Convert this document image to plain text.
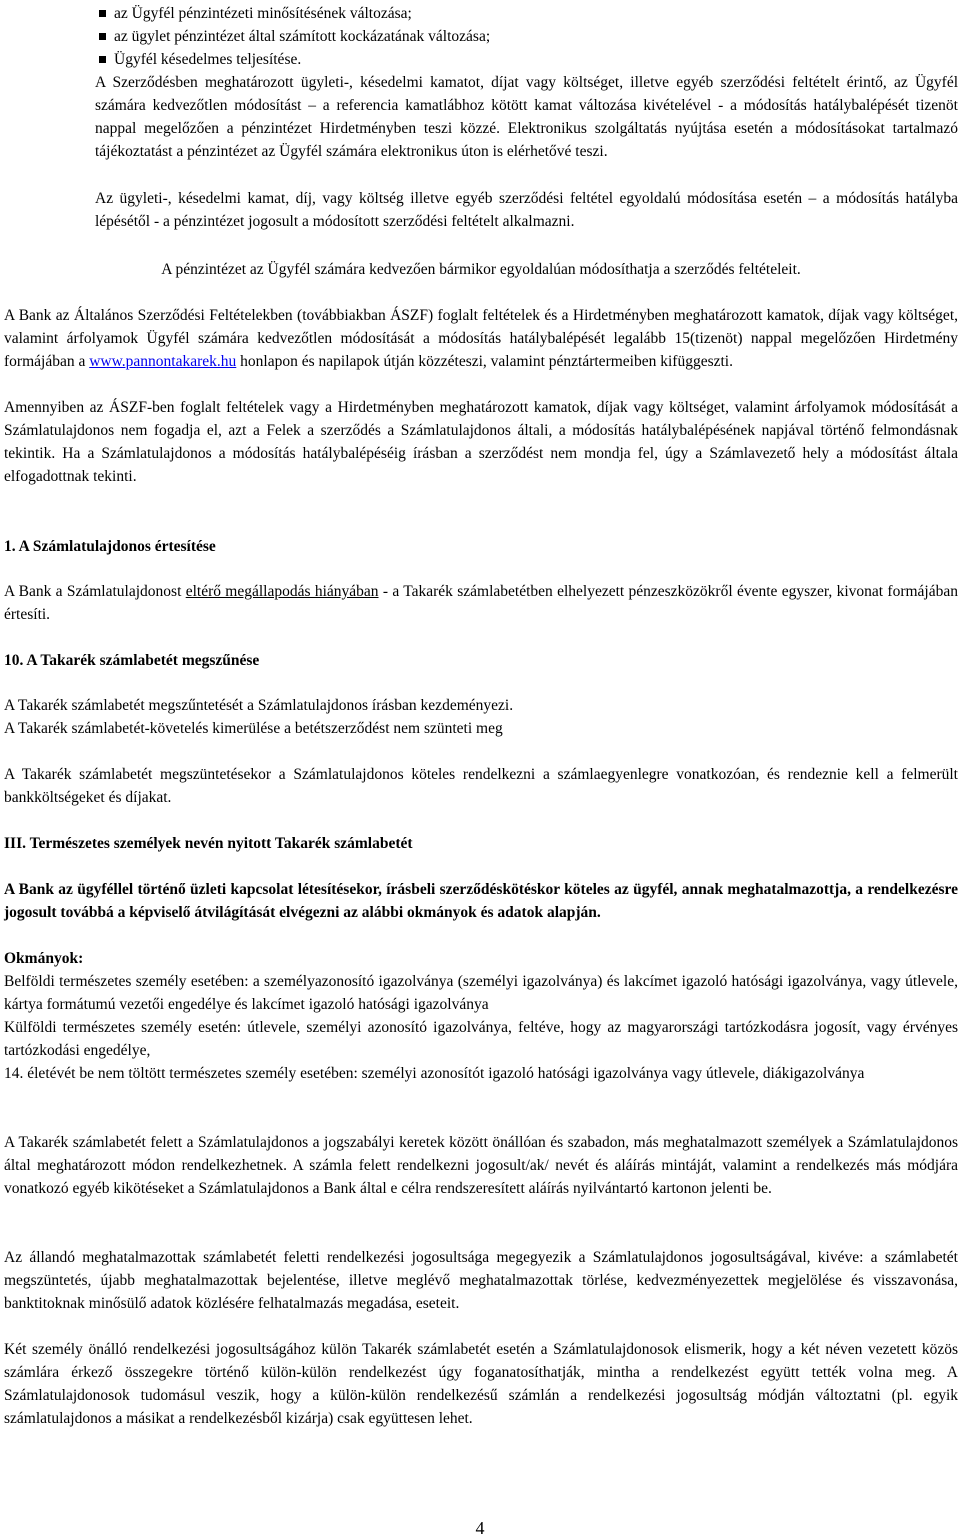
az Ügyfél pénzintézeti minősítésének változása;
az ügylet pénzintézet által számított kockázatának változása;
Ügyfél késedelmes teljesítése.

A Szerződésben meghatározott ügyleti-, késedelmi kamatot, díjat vagy költséget, illetve egyéb szerződési feltételt érintő, az Ügyfél számára kedvezőtlen módosítást – a referencia kamatlábhoz kötött kamat változása kivételével - a módosítás hatálybalépését tizenöt nappal megelőzően a pénzintézet Hirdetményben teszi közzé. Elektronikus szolgáltatás nyújtása esetén a módosításokat tartalmazó tájékoztatást a pénzintézet az Ügyfél számára elektronikus úton is elérhetővé teszi.

Az ügyleti-, késedelmi kamat, díj, vagy költség illetve egyéb szerződési feltétel egyoldalú módosítása esetén – a módosítás hatályba lépésétől - a pénzintézet jogosult a módosított szerződési feltételt alkalmazni.

A pénzintézet az Ügyfél számára kedvezően bármikor egyoldalúan módosíthatja a szerződés feltételeit.

A Bank az Általános Szerződési Feltételekben (továbbiakban ÁSZF) foglalt feltételek és a Hirdetményben meghatározott kamatok, díjak vagy költséget, valamint árfolyamok Ügyfél számára kedvezőtlen módosítását a módosítás hatálybalépését legalább 15(tizenöt) nappal megelőzően Hirdetmény formájában a www.pannontakarek.hu honlapon és napilapok útján közzéteszi, valamint pénztártermeiben kifüggeszti.

Amennyiben az ÁSZF-ben foglalt feltételek vagy a Hirdetményben meghatározott kamatok, díjak vagy költséget, valamint árfolyamok módosítását a Számlatulajdonos nem fogadja el, azt a Felek a szerződés a Számlatulajdonos általi, a módosítás hatálybalépésének napjával történő felmondásnak tekintik. Ha a Számlatulajdonos a módosítás hatálybalépéséig írásban a szerződést nem mondja fel, úgy a Számlavezető hely a módosítást általa elfogadottnak tekinti.

1. A Számlatulajdonos értesítése

A Bank a Számlatulajdonost eltérő megállapodás hiányában - a Takarék számlabetétben elhelyezett pénzeszközökről évente egyszer, kivonat formájában értesíti.

10. A Takarék számlabetét megszűnése

A Takarék számlabetét megszűntetését a Számlatulajdonos írásban kezdeményezi.

A Takarék számlabetét-követelés kimerülése a betétszerződést nem szünteti meg

A Takarék számlabetét megszüntetésekor a Számlatulajdonos köteles rendelkezni a számlaegyenlegre vonatkozóan, és rendeznie kell a felmerült bankköltségeket és díjakat.

III. Természetes személyek nevén nyitott Takarék számlabetét

A Bank az ügyféllel történő üzleti kapcsolat létesítésekor, írásbeli szerződéskötéskor köteles az ügyfél, annak meghatalmazottja, a rendelkezésre jogosult továbbá a képviselő átvilágítását elvégezni az alábbi okmányok és adatok alapján.

Okmányok:

Belföldi természetes személy esetében: a személyazonosító igazolványa (személyi igazolványa) és lakcímet igazoló hatósági igazolványa, vagy útlevele, kártya formátumú vezetői engedélye és lakcímet igazoló hatósági igazolványa

Külföldi természetes személy esetén: útlevele, személyi azonosító igazolványa, feltéve, hogy az magyarországi tartózkodásra jogosít, vagy érvényes tartózkodási engedélye,

14. életévét be nem töltött természetes személy esetében: személyi azonosítót igazoló hatósági igazolványa vagy útlevele, diákigazolványa

A Takarék számlabetét felett a Számlatulajdonos a jogszabályi keretek között önállóan és szabadon, más meghatalmazott személyek a Számlatulajdonos által meghatározott módon rendelkezhetnek. A számla felett rendelkezni jogosult/ak/ nevét és aláírás mintáját, valamint a rendelkezés más módjára vonatkozó egyéb kikötéseket a Számlatulajdonos a Bank által e célra rendszeresített aláírás nyilvántartó kartonon jelenti be.

Az állandó meghatalmazottak számlabetét feletti rendelkezési jogosultsága megegyezik a Számlatulajdonos jogosultságával, kivéve: a számlabetét megszüntetés, újabb meghatalmazottak bejelentése, illetve meglévő meghatalmazottak törlése, kedvezményezettek megjelölése és visszavonása, banktitoknak minősülő adatok közlésére felhatalmazás megadása, eseteit.

Két személy önálló rendelkezési jogosultságához külön Takarék számlabetét esetén a Számlatulajdonosok elismerik, hogy a két néven vezetett közös számlára érkező összegekre történő külön-külön rendelkezést úgy foganatosíthatják, mintha a rendelkezést együtt tették volna meg. A Számlatulajdonosok tudomásul veszik, hogy a külön-külön rendelkezésű számlán a rendelkezési jogosultság módján változtatni (pl. egyik számlatulajdonos a másikat a rendelkezésből kizárja) csak együttesen lehet.

4
